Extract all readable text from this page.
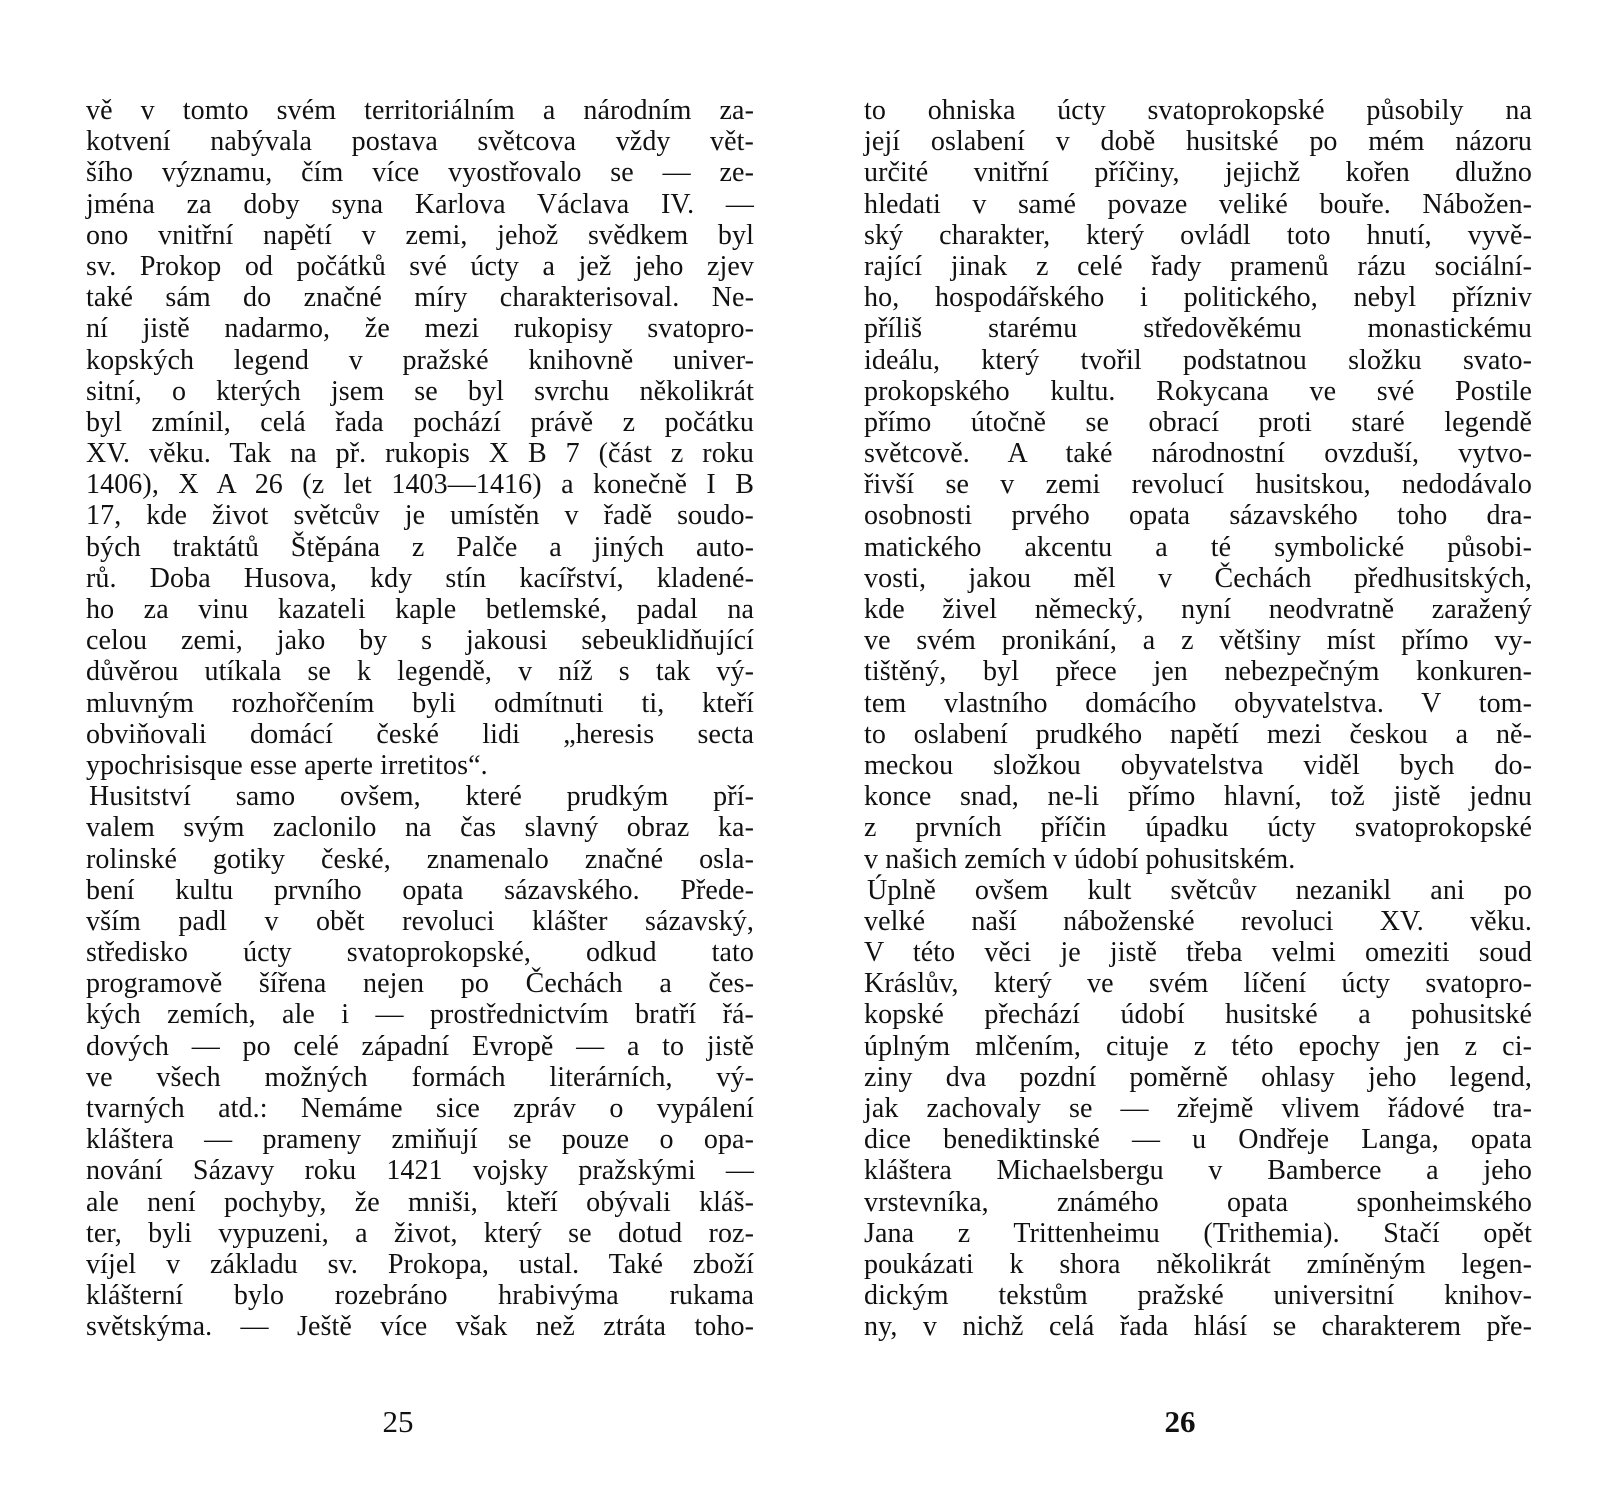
vě v tomto svém territoriálním a národním za-
kotvení nabývala postava světcova vždy vět-
šího významu, čím více vyostřovalo se — ze-
jména za doby syna Karlova Václava IV. —
ono vnitřní napětí v zemi, jehož svědkem byl
sv. Prokop od počátků své úcty a jež jeho zjev
také sám do značné míry charakterisoval. Ne-
ní jistě nadarmo, že mezi rukopisy svatopro-
kopských legend v pražské knihovně univer-
sitní, o kterých jsem se byl svrchu několikrát
byl zmínil, celá řada pochází právě z počátku
XV. věku. Tak na př. rukopis X B 7 (část z roku
1406), X A 26 (z let 1403—1416) a konečně I B
17, kde život světcův je umístěn v řadě soudo-
bých traktátů Štěpána z Palče a jiných auto-
rů. Doba Husova, kdy stín kacířství, kladené-
ho za vinu kazateli kaple betlemské, padal na
celou zemi, jako by s jakousi sebeuklidňující
důvěrou utíkala se k legendě, v níž s tak vý-
mluvným rozhořčením byli odmítnuti ti, kteří
obviňovali domácí české lidi „heresis secta
ypochrisisque esse aperte irretitos“.
Husitství samo ovšem, které prudkým pří-
valem svým zaclonilo na čas slavný obraz ka-
rolinské gotiky české, znamenalo značné osla-
bení kultu prvního opata sázavského. Přede-
vším padl v obět revoluci klášter sázavský,
středisko úcty svatoprokopské, odkud tato
programově šířena nejen po Čechách a čes-
kých zemích, ale i — prostřednictvím bratří řá-
dových — po celé západní Evropě — a to jistě
ve všech možných formách literárních, vý-
tvarných atd.: Nemáme sice zpráv o vypálení
kláštera — prameny zmiňují se pouze o opa-
nování Sázavy roku 1421 vojsky pražskými —
ale není pochyby, že mniši, kteří obývali kláš-
ter, byli vypuzeni, a život, který se dotud roz-
víjel v základu sv. Prokopa, ustal. Také zboží
klášterní bylo rozebráno hrabivýma rukama
světskýma. — Ještě více však než ztráta toho-
25
to ohniska úcty svatoprokopské působily na
její oslabení v době husitské po mém názoru
určité vnitřní příčiny, jejichž kořen dlužno
hledati v samé povaze veliké bouře. Nábožen-
ský charakter, který ovládl toto hnutí, vyvě-
rající jinak z celé řady pramenů rázu sociální-
ho, hospodářského i politického, nebyl přízniv
příliš starému středověkému monastickému
ideálu, který tvořil podstatnou složku svato-
prokopského kultu. Rokycana ve své Postile
přímo útočně se obrací proti staré legendě
světcově. A také národnostní ovzduší, vytvo-
řivší se v zemi revolucí husitskou, nedodávalo
osobnosti prvého opata sázavského toho dra-
matického akcentu a té symbolické působi-
vosti, jakou měl v Čechách předhusitských,
kde živel německý, nyní neodvratně zaražený
ve svém pronikání, a z většiny míst přímo vy-
tištěný, byl přece jen nebezpečným konkuren-
tem vlastního domácího obyvatelstva. V tom-
to oslabení prudkého napětí mezi českou a ně-
meckou složkou obyvatelstva viděl bych do-
konce snad, ne-li přímo hlavní, tož jistě jednu
z prvních příčin úpadku úcty svatoprokopské
v našich zemích v údobí pohusitském.
Úplně ovšem kult světcův nezanikl ani po
velké naší náboženské revoluci XV. věku.
V této věci je jistě třeba velmi omeziti soud
Kráslův, který ve svém líčení úcty svatopro-
kopské přechází údobí husitské a pohusitské
úplným mlčením, cituje z této epochy jen z ci-
ziny dva pozdní poměrně ohlasy jeho legend,
jak zachovaly se — zřejmě vlivem řádové tra-
dice benediktinské — u Ondřeje Langa, opata
kláštera Michaelsbergu v Bamberce a jeho
vrstevníka, známého opata sponheimského
Jana z Trittenheimu (Trithemia). Stačí opět
poukázati k shora několikrát zmíněným legen-
dickým tekstům pražské universitní knihov-
ny, v nichž celá řada hlásí se charakterem pře-
26
